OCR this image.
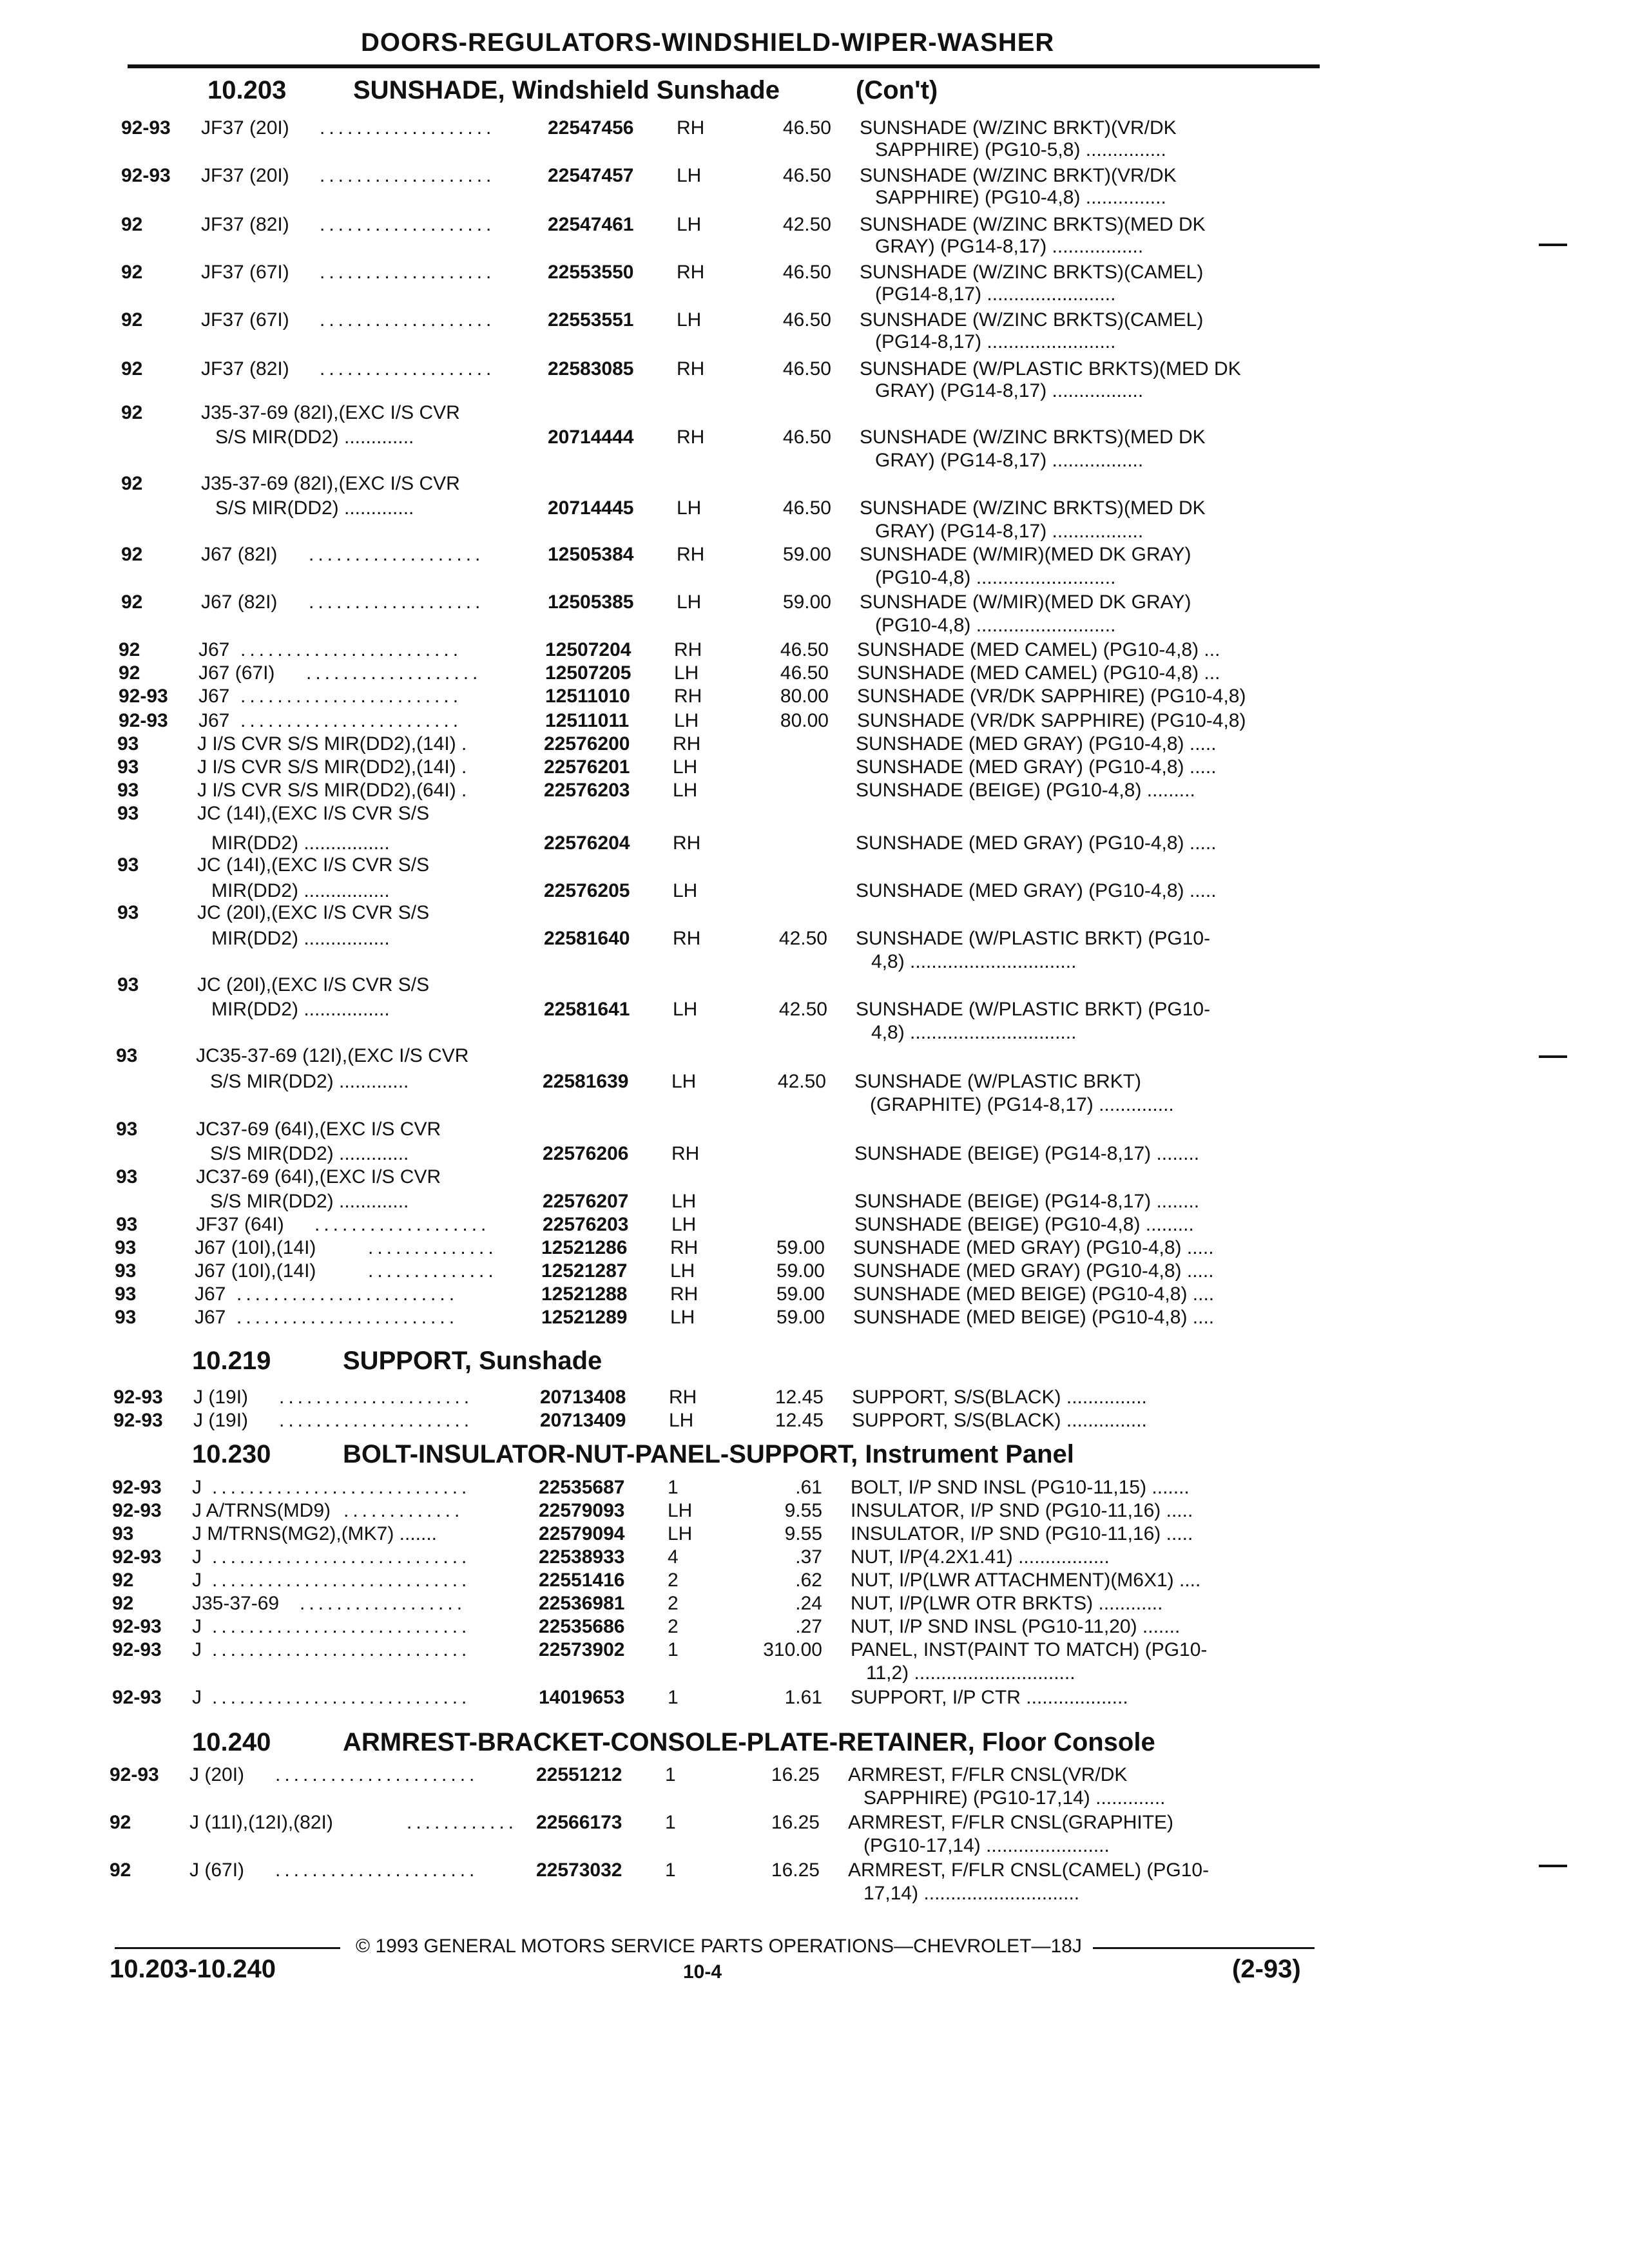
DOORS-REGULATORS-WINDSHIELD-WIPER-WASHER
10.203	SUNSHADE, Windshield Sunshade	(Con't)
10.219	SUPPORT, Sunshade
10.230	BOLT-INSULATOR-NUT-PANEL-SUPPORT, Instrument Panel
10.240	ARMREST-BRACKET-CONSOLE-PLATE-RETAINER, Floor Console
92-93 JF37 (20I) ...................	22547456 RH	46.50 SUNSHADE (W/ZINC BRKT)(VR/DK
SAPPHIRE) (PG10-5,8) ...............
92-93 JF37 (20I) ...................	22547457 LH	46.50 SUNSHADE (W/ZINC BRKT)(VR/DK
SAPPHIRE) (PG10-4,8) ...............
92	JF37 (82I) ...................	22547461 LH	42.50 SUNSHADE (W/ZINC BRKTS)(MED DK
GRAY) (PG14-8,17) .................
92	JF37 (67I) ...................	22553550 RH	46.50 SUNSHADE (W/ZINC BRKTS)(CAMEL)
(PG14-8,17) ........................
92	JF37 (67I) ...................	22553551 LH	46.50 SUNSHADE (W/ZINC BRKTS)(CAMEL)
(PG14-8,17) ........................
92	JF37 (82I) ...................	22583085 RH	46.50 SUNSHADE (W/PLASTIC BRKTS)(MED DK
GRAY) (PG14-8,17) .................
92	J35-37-69 (82I),(EXC I/S CVR
S/S MIR(DD2) .............	20714444 RH	46.50 SUNSHADE (W/ZINC BRKTS)(MED DK
GRAY) (PG14-8,17) .................
92	J35-37-69 (82I),(EXC I/S CVR
S/S MIR(DD2) .............	20714445 LH	46.50 SUNSHADE (W/ZINC BRKTS)(MED DK
GRAY) (PG14-8,17) .................
92	J67 (82I) ...................	12505384 RH	59.00 SUNSHADE (W/MIR)(MED DK GRAY)
(PG10-4,8) ..........................
92	J67 (82I) ...................	12505385 LH	59.00 SUNSHADE (W/MIR)(MED DK GRAY)
(PG10-4,8) ..........................
92	J67 ........................	12507204 RH	46.50 SUNSHADE (MED CAMEL) (PG10-4,8) ...
92	J67 (67I) ...................	12507205 LH	46.50 SUNSHADE (MED CAMEL) (PG10-4,8) ...
92-93 J67 ........................	12511010 RH	80.00 SUNSHADE (VR/DK SAPPHIRE) (PG10-4,8)
92-93 J67 ........................	12511011 LH	80.00 SUNSHADE (VR/DK SAPPHIRE) (PG10-4,8)
93	J I/S CVR S/S MIR(DD2),(14I) .	22576200 RH	SUNSHADE (MED GRAY) (PG10-4,8) .....
93	J I/S CVR S/S MIR(DD2),(14I) .	22576201 LH	SUNSHADE (MED GRAY) (PG10-4,8) .....
93	J I/S CVR S/S MIR(DD2),(64I) .	22576203 LH	SUNSHADE (BEIGE) (PG10-4,8) .........
93	JC (14I),(EXC I/S CVR S/S
MIR(DD2) ................	22576204 RH	SUNSHADE (MED GRAY) (PG10-4,8) .....
93	JC (14I),(EXC I/S CVR S/S
MIR(DD2) ................	22576205 LH	SUNSHADE (MED GRAY) (PG10-4,8) .....
93	JC (20I),(EXC I/S CVR S/S
MIR(DD2) ................	22581640 RH	42.50 SUNSHADE (W/PLASTIC BRKT) (PG10-
4,8) ...............................
93	JC (20I),(EXC I/S CVR S/S
MIR(DD2) ................	22581641 LH	42.50 SUNSHADE (W/PLASTIC BRKT) (PG10-
4,8) ...............................
93	JC35-37-69 (12I),(EXC I/S CVR
S/S MIR(DD2) .............	22581639 LH	42.50 SUNSHADE (W/PLASTIC BRKT)
(GRAPHITE) (PG14-8,17) ..............
93	JC37-69 (64I),(EXC I/S CVR
S/S MIR(DD2) .............	22576206 RH	SUNSHADE (BEIGE) (PG14-8,17) ........
93	JC37-69 (64I),(EXC I/S CVR
S/S MIR(DD2) .............	22576207 LH	SUNSHADE (BEIGE) (PG14-8,17) ........
93	JF37 (64I) ...................	22576203 LH	SUNSHADE (BEIGE) (PG10-4,8) .........
93	J67 (10I),(14I)	..............	12521286 RH	59.00 SUNSHADE (MED GRAY) (PG10-4,8) .....
93	J67 (10I),(14I)	..............	12521287 LH	59.00 SUNSHADE (MED GRAY) (PG10-4,8) .....
93	J67 ........................	12521288 RH	59.00 SUNSHADE (MED BEIGE) (PG10-4,8) ....
93	J67 ........................	12521289 LH	59.00 SUNSHADE (MED BEIGE) (PG10-4,8) ....
92-93 J (19I) .....................	20713408 RH	12.45 SUPPORT, S/S(BLACK) ...............
92-93 J (19I) .....................	20713409 LH	12.45 SUPPORT, S/S(BLACK) ...............
92-93 J ............................	22535687 1	.61 BOLT, I/P SND INSL (PG10-11,15) .......
92-93 J A/TRNS(MD9) .............	22579093 LH	9.55 INSULATOR, I/P SND (PG10-11,16) .....
93	J M/TRNS(MG2),(MK7) .......	22579094 LH	9.55 INSULATOR, I/P SND (PG10-11,16) .....
92-93 J ............................	22538933 4	.37 NUT, I/P(4.2X1.41) .................
92	J ............................	22551416 2	.62 NUT, I/P(LWR ATTACHMENT)(M6X1) ....
92	J35-37-69 ..................	22536981 2	.24 NUT, I/P(LWR OTR BRKTS) ............
92-93 J ............................	22535686 2	.27 NUT, I/P SND INSL (PG10-11,20) .......
92-93 J ............................	22573902 1	310.00 PANEL, INST(PAINT TO MATCH) (PG10-
11,2) ..............................
92-93 J ............................	14019653 1	1.61 SUPPORT, I/P CTR ...................
92-93 J (20I) ......................	22551212 1	16.25 ARMREST, F/FLR CNSL(VR/DK
SAPPHIRE) (PG10-17,14) .............
92	J (11I),(12I),(82I)	............ 22566173 1	16.25 ARMREST, F/FLR CNSL(GRAPHITE)
(PG10-17,14) .......................
92	J (67I) ......................	22573032 1	16.25 ARMREST, F/FLR CNSL(CAMEL) (PG10-
17,14) .............................
© 1993 GENERAL MOTORS SERVICE PARTS OPERATIONS—CHEVROLET—18J
10.203-10.240	10-4	(2-93)
